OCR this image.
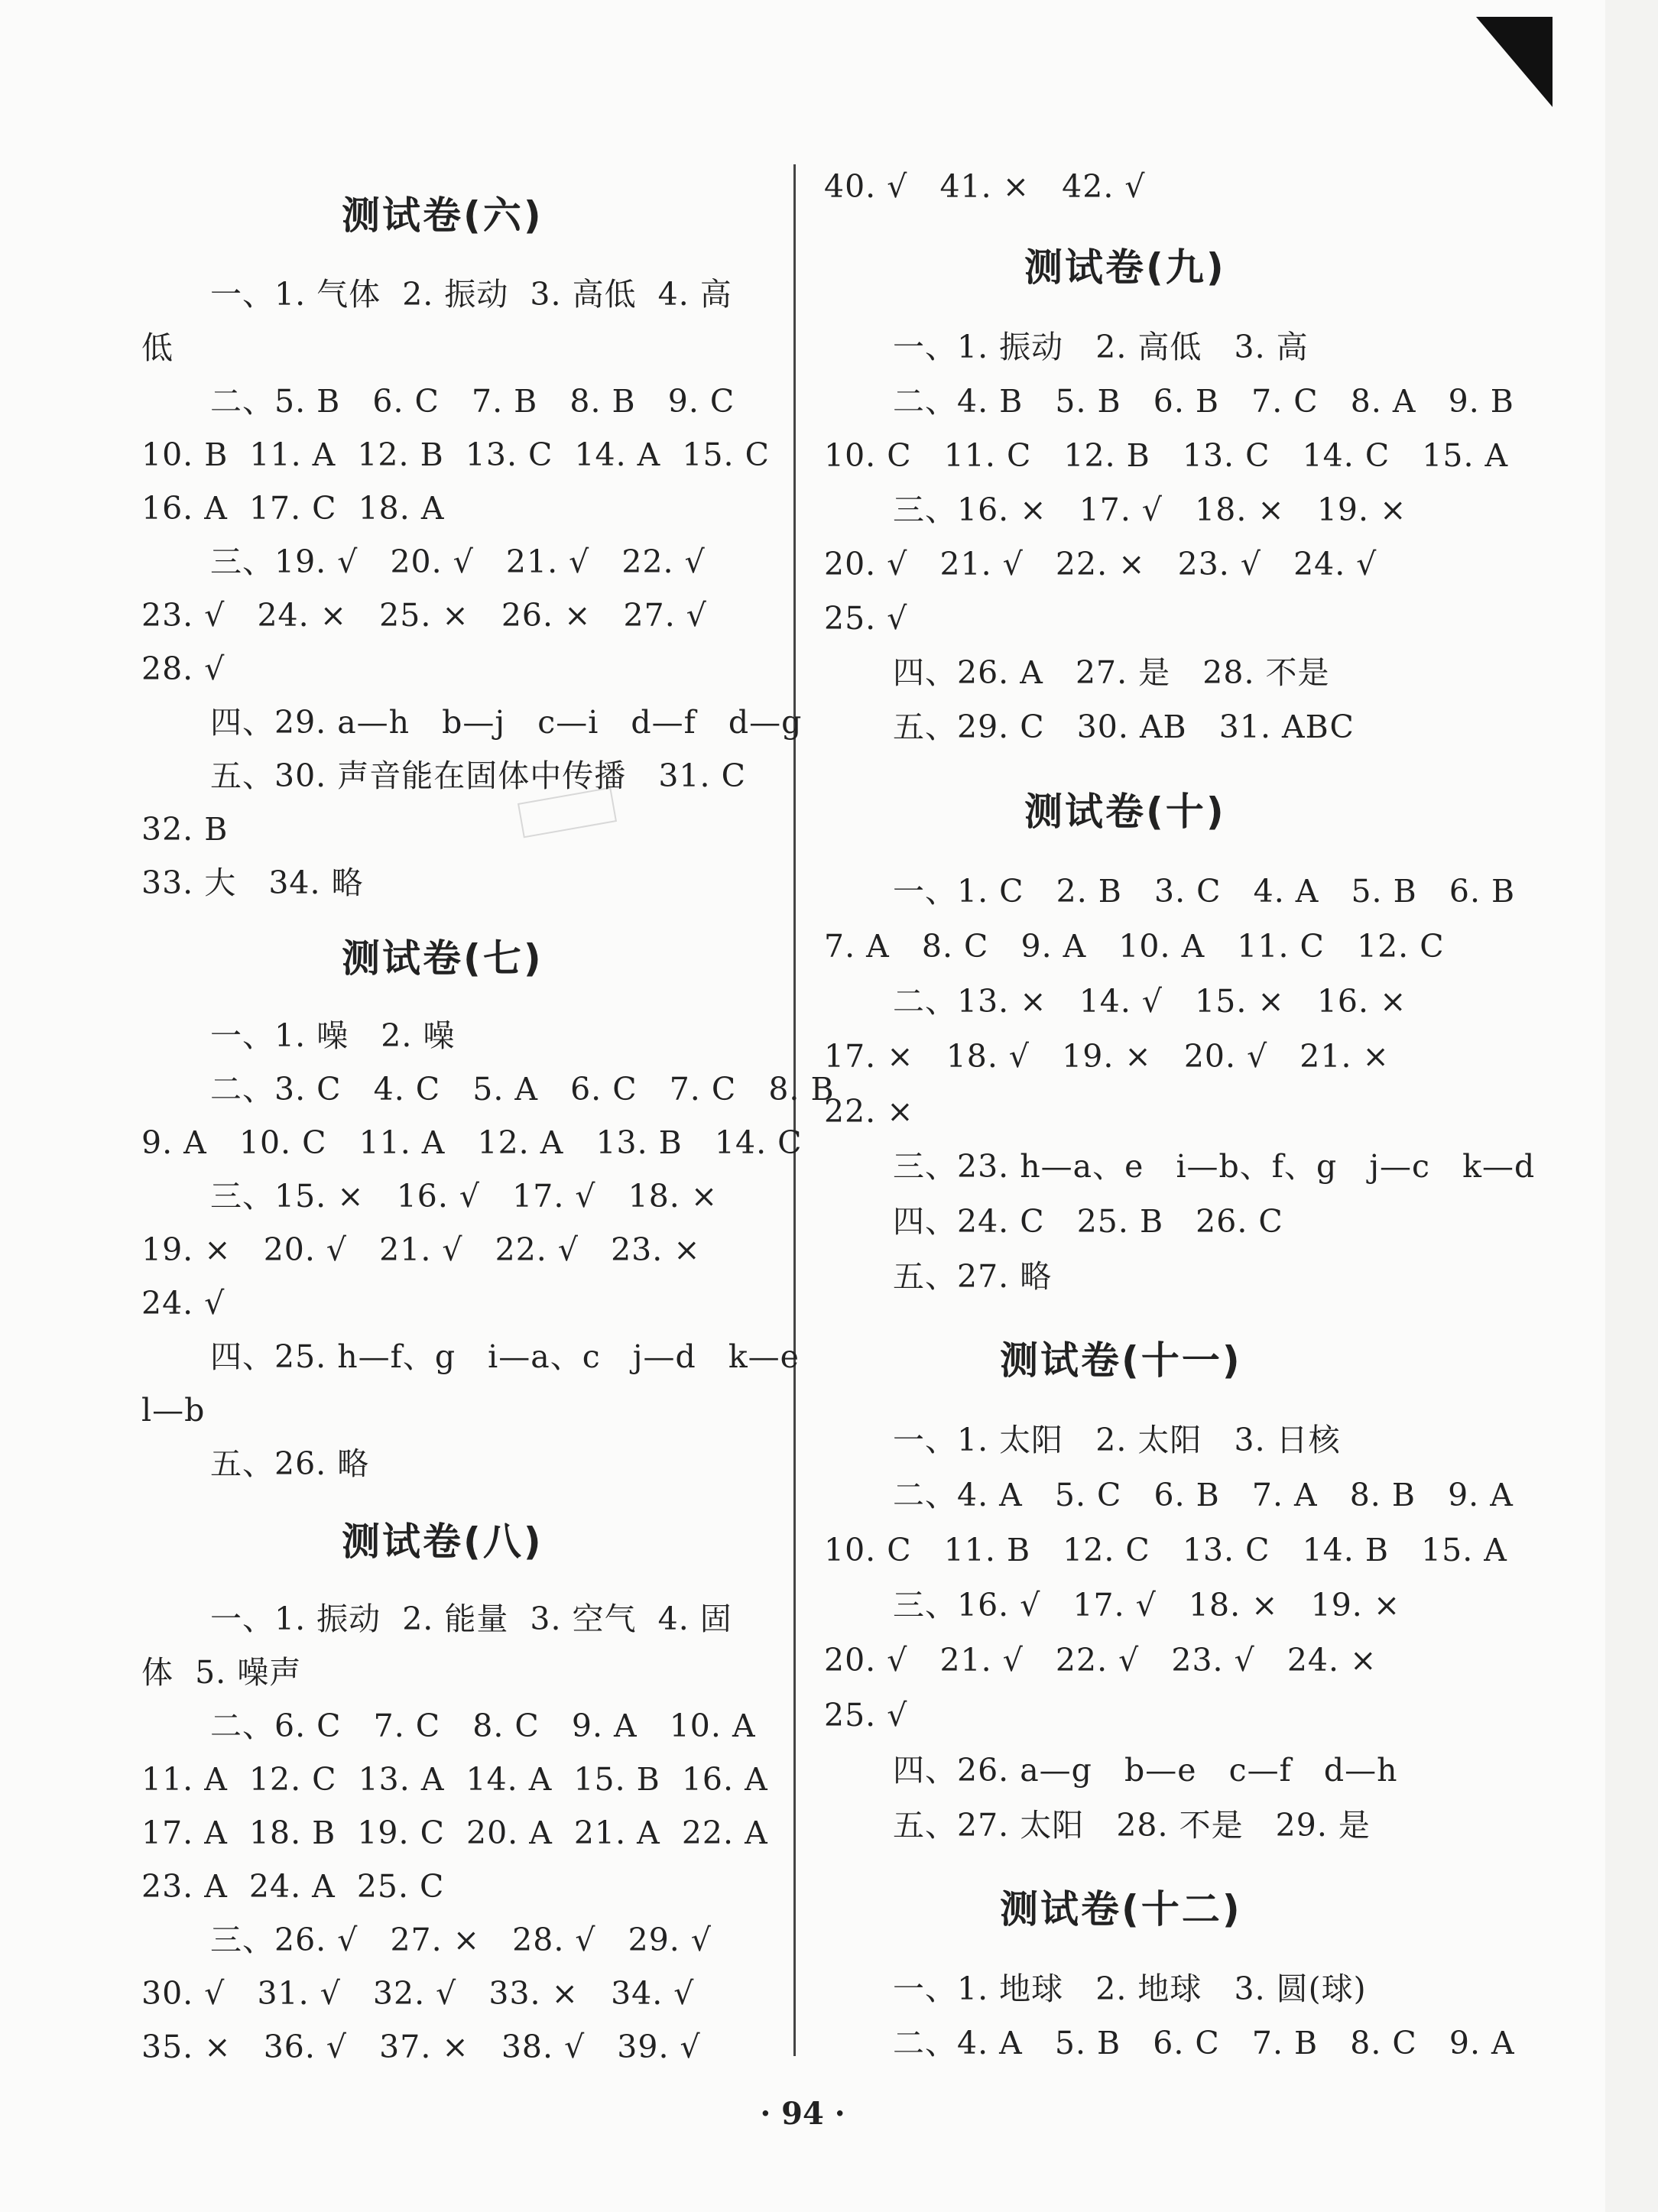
测试卷(六)
一、1. 气体  2. 振动  3. 高低  4. 高
低
二、5. B   6. C   7. B   8. B   9. C
10. B  11. A  12. B  13. C  14. A  15. C
16. A  17. C  18. A
三、19. √   20. √   21. √   22. √
23. √   24. ×   25. ×   26. ×   27. √
28. √
四、29. a—h   b—j   c—i   d—f   d—g
五、30. 声音能在固体中传播   31. C
32. B
33. 大   34. 略
测试卷(七)
一、1. 噪   2. 噪
二、3. C   4. C   5. A   6. C   7. C   8. B
9. A   10. C   11. A   12. A   13. B   14. C
三、15. ×   16. √   17. √   18. ×
19. ×   20. √   21. √   22. √   23. ×
24. √
四、25. h—f、g   i—a、c   j—d   k—e
l—b
五、26. 略
测试卷(八)
一、1. 振动  2. 能量  3. 空气  4. 固
体  5. 噪声
二、6. C   7. C   8. C   9. A   10. A
11. A  12. C  13. A  14. A  15. B  16. A
17. A  18. B  19. C  20. A  21. A  22. A
23. A  24. A  25. C
三、26. √   27. ×   28. √   29. √
30. √   31. √   32. √   33. ×   34. √
35. ×   36. √   37. ×   38. √   39. √
40. √   41. ×   42. √
测试卷(九)
一、1. 振动   2. 高低   3. 高
二、4. B   5. B   6. B   7. C   8. A   9. B
10. C   11. C   12. B   13. C   14. C   15. A
三、16. ×   17. √   18. ×   19. ×
20. √   21. √   22. ×   23. √   24. √
25. √
四、26. A   27. 是   28. 不是
五、29. C   30. AB   31. ABC
测试卷(十)
一、1. C   2. B   3. C   4. A   5. B   6. B
7. A   8. C   9. A   10. A   11. C   12. C
二、13. ×   14. √   15. ×   16. ×
17. ×   18. √   19. ×   20. √   21. ×
22. ×
三、23. h—a、e   i—b、f、g   j—c   k—d
四、24. C   25. B   26. C
五、27. 略
测试卷(十一)
一、1. 太阳   2. 太阳   3. 日核
二、4. A   5. C   6. B   7. A   8. B   9. A
10. C   11. B   12. C   13. C   14. B   15. A
三、16. √   17. √   18. ×   19. ×
20. √   21. √   22. √   23. √   24. ×
25. √
四、26. a—g   b—e   c—f   d—h
五、27. 太阳   28. 不是   29. 是
测试卷(十二)
一、1. 地球   2. 地球   3. 圆(球)
二、4. A   5. B   6. C   7. B   8. C   9. A
· 94 ·
